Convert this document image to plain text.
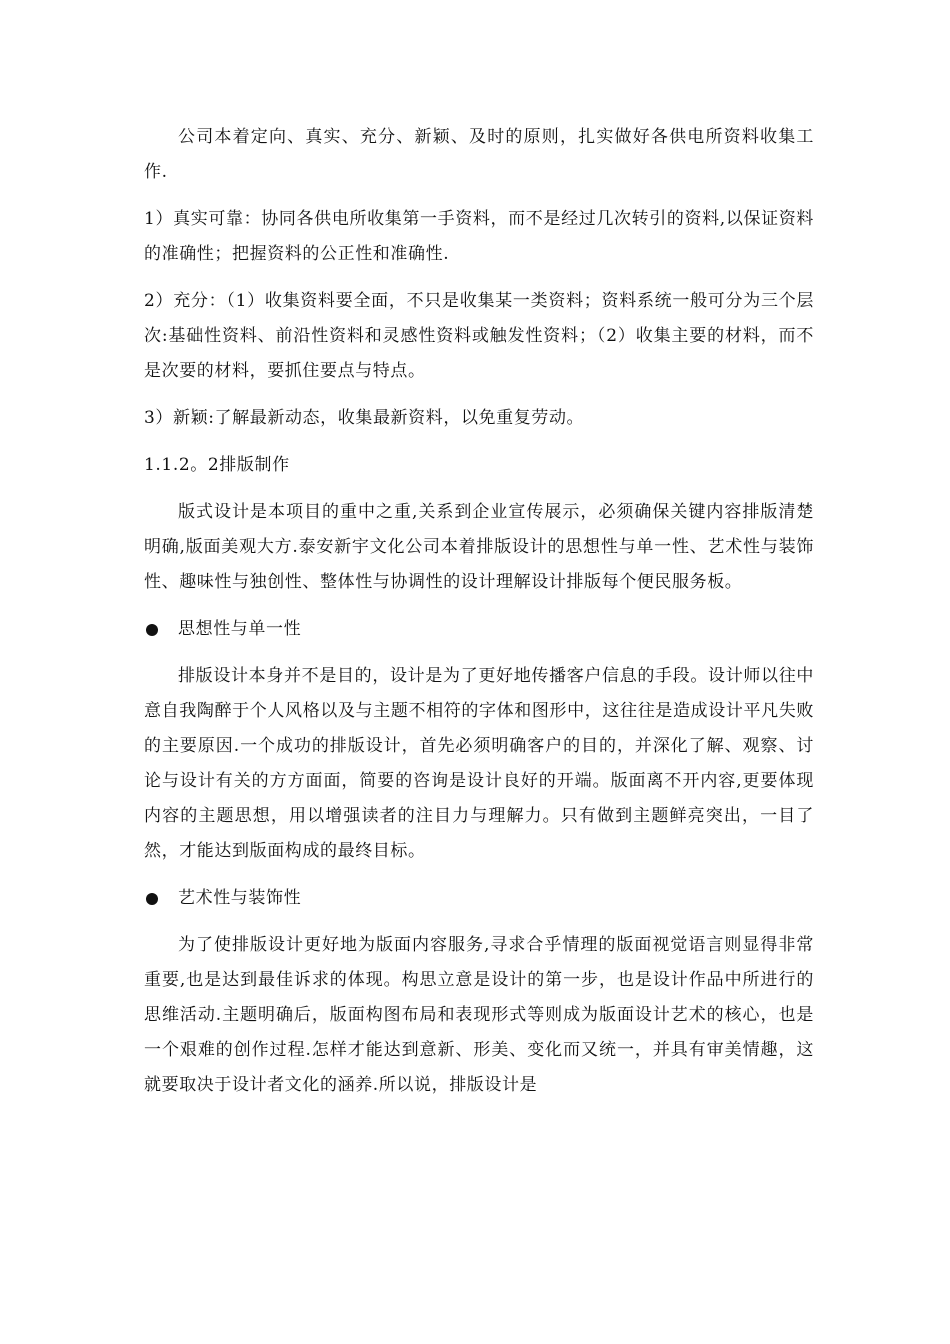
公司本着定向、真实、充分、新颖、及时的原则，扎实做好各供电所资料收集工作.

1）真实可靠：协同各供电所收集第一手资料，而不是经过几次转引的资料,以保证资料的准确性；把握资料的公正性和准确性.

2）充分：（1）收集资料要全面，不只是收集某一类资料；资料系统一般可分为三个层次:基础性资料、前沿性资料和灵感性资料或触发性资料；（2）收集主要的材料，而不是次要的材料，要抓住要点与特点。

3）新颖:了解最新动态，收集最新资料，以免重复劳动。

1.1.2。2排版制作

版式设计是本项目的重中之重,关系到企业宣传展示，必须确保关键内容排版清楚明确,版面美观大方.泰安新宇文化公司本着排版设计的思想性与单一性、艺术性与装饰性、趣味性与独创性、整体性与协调性的设计理解设计排版每个便民服务板。

思想性与单一性

排版设计本身并不是目的，设计是为了更好地传播客户信息的手段。设计师以往中意自我陶醉于个人风格以及与主题不相符的字体和图形中，这往往是造成设计平凡失败的主要原因.一个成功的排版设计，首先必须明确客户的目的，并深化了解、观察、讨论与设计有关的方方面面，简要的咨询是设计良好的开端。版面离不开内容,更要体现内容的主题思想，用以增强读者的注目力与理解力。只有做到主题鲜亮突出，一目了然，才能达到版面构成的最终目标。

艺术性与装饰性

为了使排版设计更好地为版面内容服务,寻求合乎情理的版面视觉语言则显得非常重要,也是达到最佳诉求的体现。构思立意是设计的第一步，也是设计作品中所进行的思维活动.主题明确后，版面构图布局和表现形式等则成为版面设计艺术的核心，也是一个艰难的创作过程.怎样才能达到意新、形美、变化而又统一，并具有审美情趣，这就要取决于设计者文化的涵养.所以说，排版设计是
